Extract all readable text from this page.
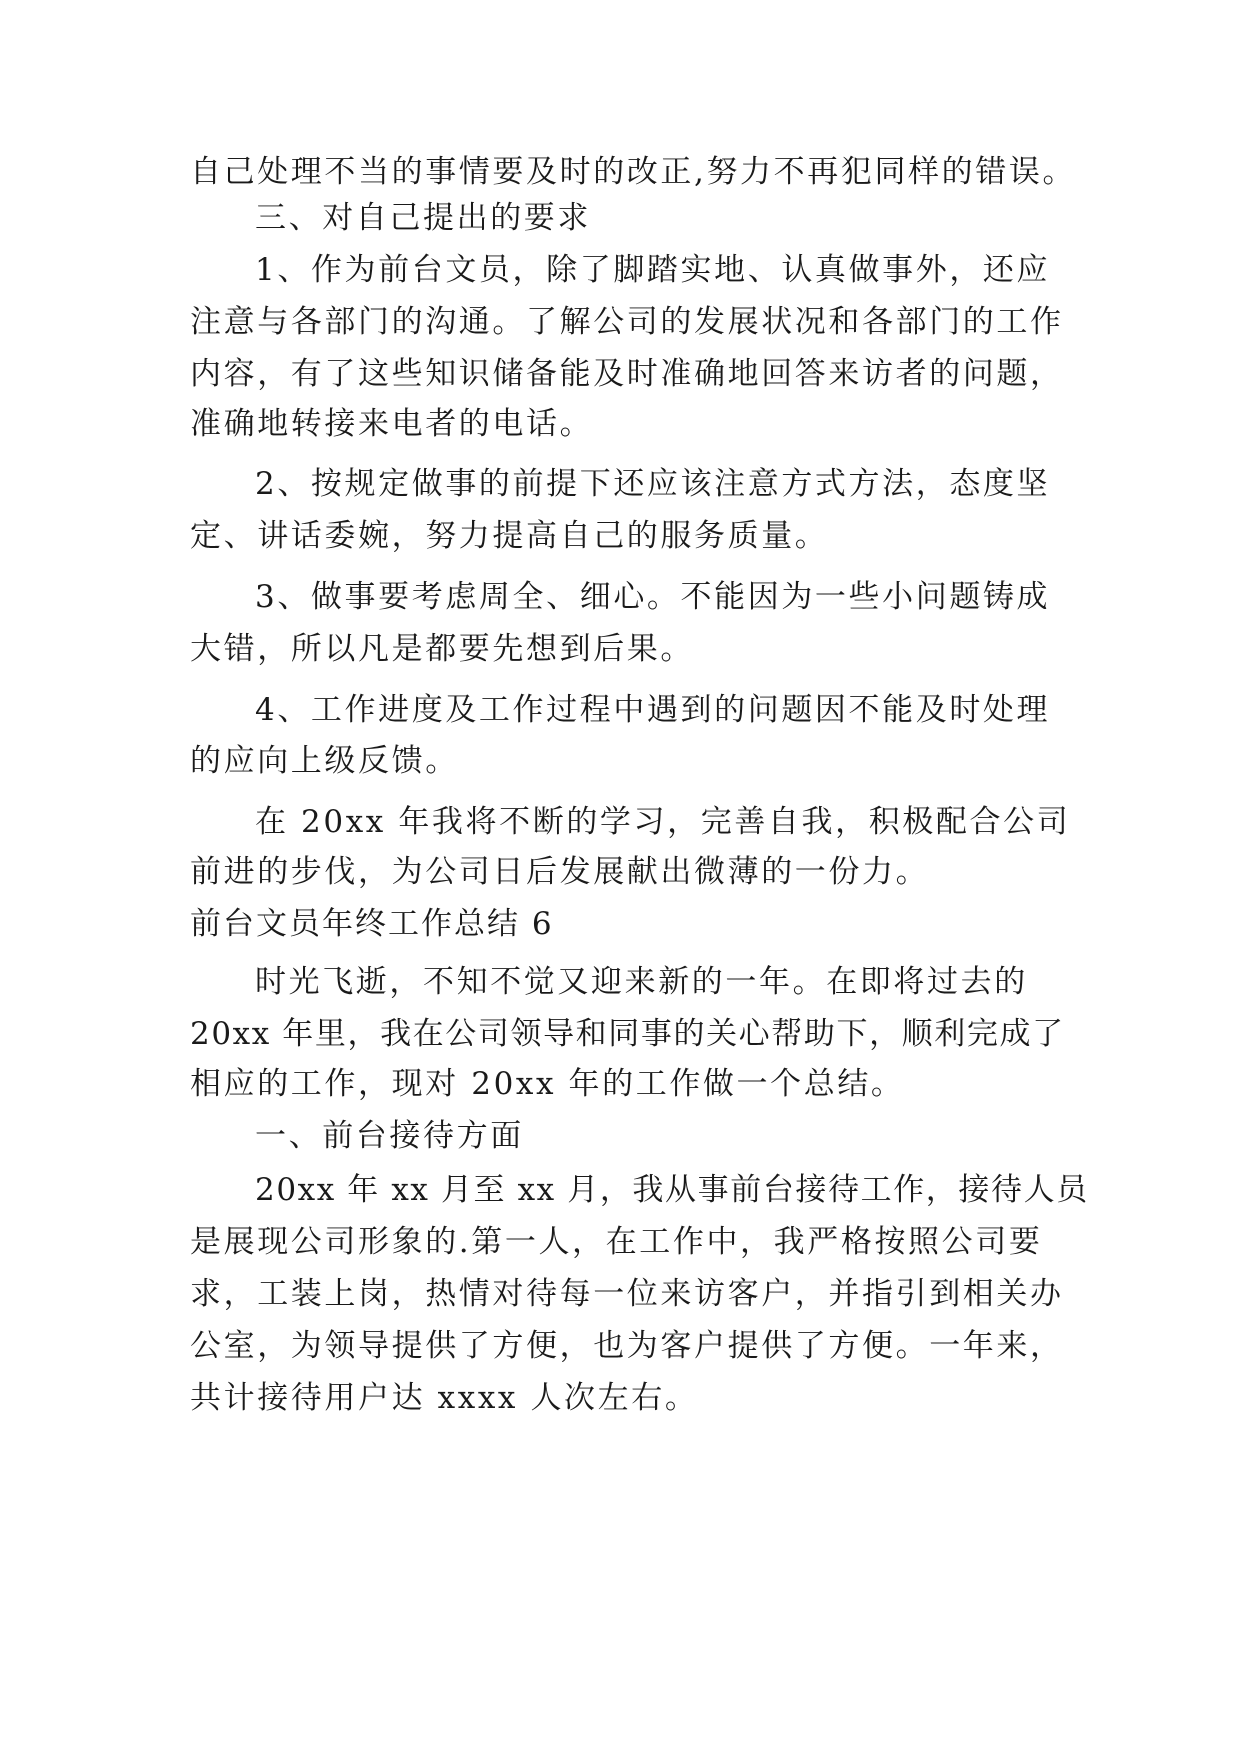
自己处理不当的事情要及时的改正,努力不再犯同样的错误。
三、对自己提出的要求
1、作为前台文员，除了脚踏实地、认真做事外，还应
注意与各部门的沟通。了解公司的发展状况和各部门的工作
内容，有了这些知识储备能及时准确地回答来访者的问题，
准确地转接来电者的电话。
2、按规定做事的前提下还应该注意方式方法，态度坚
定、讲话委婉，努力提高自己的服务质量。
3、做事要考虑周全、细心。不能因为一些小问题铸成
大错，所以凡是都要先想到后果。
4、工作进度及工作过程中遇到的问题因不能及时处理
的应向上级反馈。
在 20xx 年我将不断的学习，完善自我，积极配合公司
前进的步伐，为公司日后发展献出微薄的一份力。
前台文员年终工作总结 6
时光飞逝，不知不觉又迎来新的一年。在即将过去的
20xx 年里，我在公司领导和同事的关心帮助下，顺利完成了
相应的工作，现对 20xx 年的工作做一个总结。
一、前台接待方面
20xx 年 xx 月至 xx 月，我从事前台接待工作，接待人员
是展现公司形象的.第一人，在工作中，我严格按照公司要
求，工装上岗，热情对待每一位来访客户，并指引到相关办
公室，为领导提供了方便，也为客户提供了方便。一年来，
共计接待用户达 xxxx 人次左右。
